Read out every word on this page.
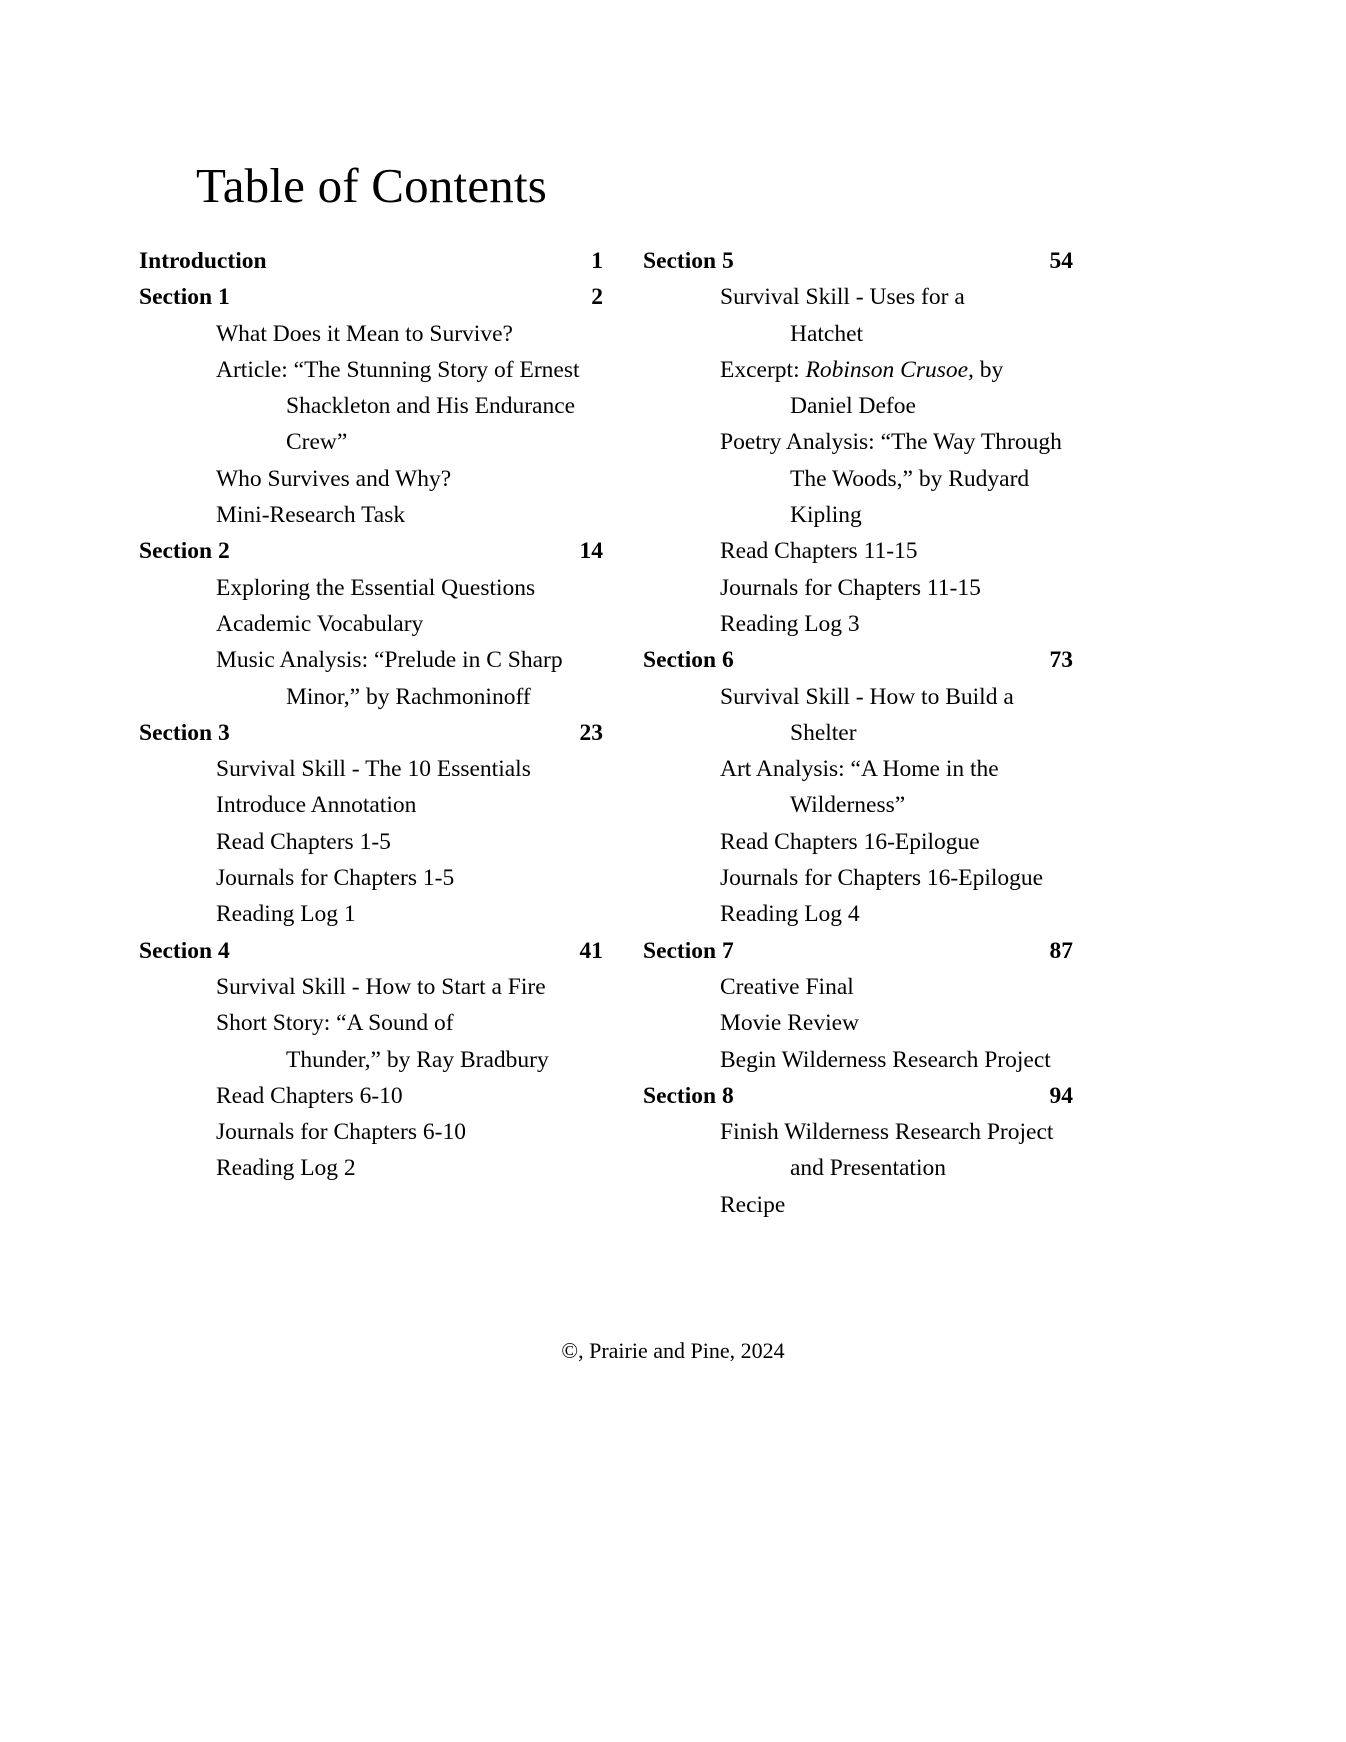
Table of Contents
Introduction	1
Section 1	2
What Does it Mean to Survive?
Article: “The Stunning Story of Ernest
Shackleton and His Endurance
Crew”
Who Survives and Why?
Mini-Research Task
Section 2	14
Exploring the Essential Questions
Academic Vocabulary
Music Analysis: “Prelude in C Sharp
Minor,” by Rachmoninoff
Section 3	23
Survival Skill - The 10 Essentials
Introduce Annotation
Read Chapters 1-5
Journals for Chapters 1-5
Reading Log 1
Section 4	41
Survival Skill - How to Start a Fire
Short Story: “A Sound of
Thunder,” by Ray Bradbury
Read Chapters 6-10
Journals for Chapters 6-10
Reading Log 2
Section 5	54
Survival Skill - Uses for a
Hatchet
Excerpt: Robinson Crusoe, by
Daniel Defoe
Poetry Analysis: “The Way Through
The Woods,” by Rudyard
Kipling
Read Chapters 11-15
Journals for Chapters 11-15
Reading Log 3
Section 6	73
Survival Skill - How to Build a
Shelter
Art Analysis: “A Home in the
Wilderness”
Read Chapters 16-Epilogue
Journals for Chapters 16-Epilogue
Reading Log 4
Section 7	87
Creative Final
Movie Review
Begin Wilderness Research Project
Section 8	94
Finish Wilderness Research Project
and Presentation
Recipe
©, Prairie and Pine, 2024
